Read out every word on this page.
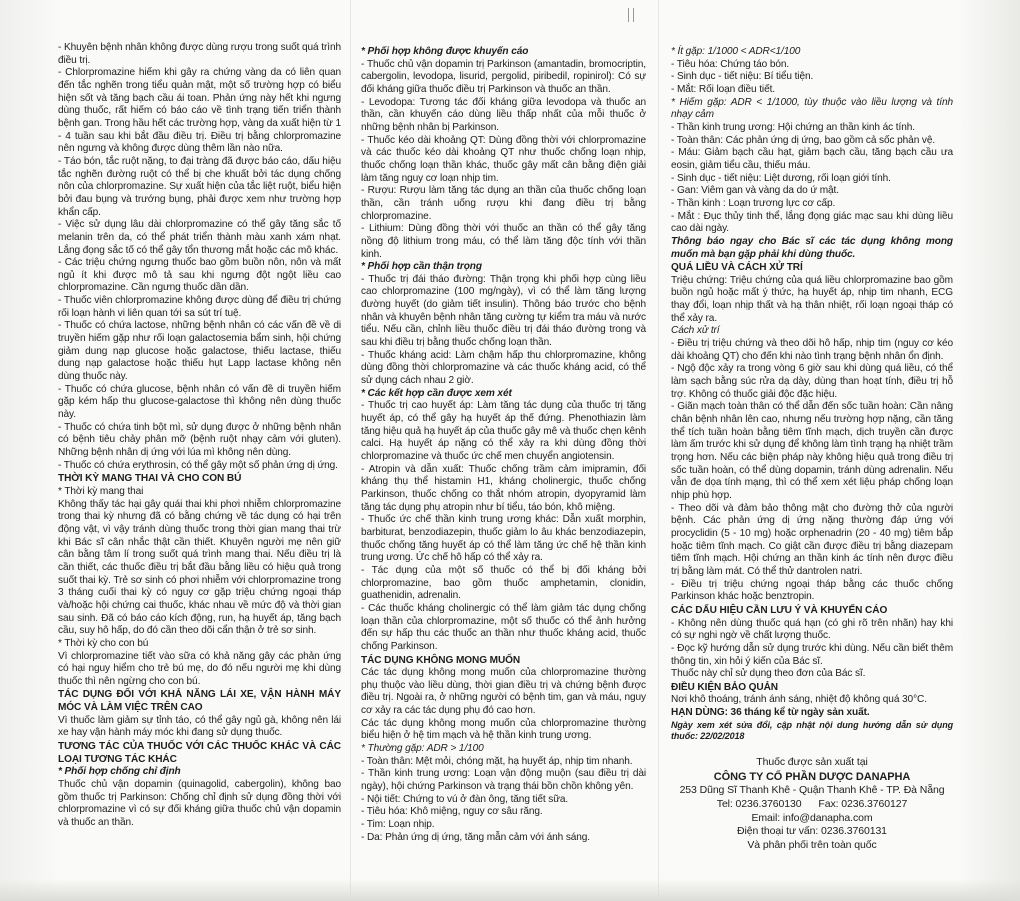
- Khuyên bệnh nhân không được dùng rượu trong suốt quá trình điều trị.

- Chlorpromazine hiếm khi gây ra chứng vàng da có liên quan đến tắc nghẽn trong tiểu quản mật, một số trường hợp có biểu hiện sốt và tăng bạch cầu ái toan. Phản ứng này hết khi ngưng dùng thuốc, rất hiếm có báo cáo về tình trạng tiến triển thành bệnh gan. Trong hầu hết các trường hợp, vàng da xuất hiện từ 1 - 4 tuần sau khi bắt đầu điều trị. Điều trị bằng chlorpromazine nên ngưng và không được dùng thêm lần nào nữa.

- Táo bón, tắc ruột nặng, to đại tràng đã được báo cáo, dấu hiệu tắc nghẽn đường ruột có thể bị che khuất bởi tác dụng chống nôn của chlorpromazine. Sự xuất hiện của tắc liệt ruột, biểu hiện bởi đau bụng và trướng bụng, phải được xem như trường hợp khẩn cấp.

- Việc sử dụng lâu dài chlorpromazine có thể gây tăng sắc tố melanin trên da, có thể phát triển thành màu xanh xám nhạt. Lắng đọng sắc tố có thể gây tổn thương mắt hoặc các mô khác.

- Các triệu chứng ngưng thuốc bao gồm buồn nôn, nôn và mất ngủ ít khi được mô tả sau khi ngưng đột ngột liều cao chlorpromazine. Cần ngưng thuốc dần dần.

- Thuốc viên chlorpromazine không được dùng để điều trị chứng rối loạn hành vi liên quan tới sa sút trí tuệ.

- Thuốc có chứa lactose, những bệnh nhân có các vấn đề về di truyền hiếm gặp như rối loạn galactosemia bẩm sinh, hội chứng giảm dung nạp glucose hoặc galactose, thiếu lactase, thiếu dung nạp galactose hoặc thiếu hụt Lapp lactase không nên dùng thuốc này.

- Thuốc có chứa glucose, bệnh nhân có vấn đề di truyền hiếm gặp kém hấp thu glucose-galactose thì không nên dùng thuốc này.

- Thuốc có chứa tinh bột mì, sử dụng được ở những bệnh nhân có bệnh tiêu chảy phân mỡ (bệnh ruột nhạy cảm với gluten). Những bệnh nhân dị ứng với lúa mì không nên dùng.

- Thuốc có chứa erythrosin, có thể gây một số phản ứng dị ứng.

THỜI KỲ MANG THAI VÀ CHO CON BÚ

* Thời kỳ mang thai

Không thấy tác hại gây quái thai khi phơi nhiễm chlorpromazine trong thai kỳ nhưng đã có bằng chứng về tác dụng có hại trên động vật, vì vậy tránh dùng thuốc trong thời gian mang thai trừ khi Bác sĩ cân nhắc thật cần thiết. Khuyên người mẹ nên giữ cân bằng tâm lí trong suốt quá trình mang thai. Nếu điều trị là cần thiết, các thuốc điều trị bắt đầu bằng liều có hiệu quả trong suốt thai kỳ. Trẻ sơ sinh có phơi nhiễm với chlorpromazine trong 3 tháng cuối thai kỳ có nguy cơ gặp triệu chứng ngoại tháp và/hoặc hội chứng cai thuốc, khác nhau về mức độ và thời gian sau sinh. Đã có báo cáo kích động, run, hạ huyết áp, tăng bạch cầu, suy hô hấp, do đó cần theo dõi cẩn thận ở trẻ sơ sinh.

* Thời kỳ cho con bú

Vì chlorpromazine tiết vào sữa có khả năng gây các phản ứng có hại nguy hiểm cho trẻ bú mẹ, do đó nếu người mẹ khi dùng thuốc thì nên ngừng cho con bú.

TÁC DỤNG ĐỐI VỚI KHẢ NĂNG LÁI XE, VẬN HÀNH MÁY MÓC VÀ LÀM VIỆC TRÊN CAO

Vì thuốc làm giảm sự tỉnh táo, có thể gây ngủ gà, không nên lái xe hay vận hành máy móc khi đang sử dụng thuốc.

TƯƠNG TÁC CỦA THUỐC VỚI CÁC THUỐC KHÁC VÀ CÁC LOẠI TƯƠNG TÁC KHÁC

* Phối hợp chống chỉ định

Thuốc chủ vận dopamin (quinagolid, cabergolin), không bao gồm thuốc trị Parkinson: Chống chỉ định sử dụng đồng thời với chlorpromazine vì có sự đối kháng giữa thuốc chủ vận dopamin và thuốc an thần.

* Phối hợp không được khuyến cáo

- Thuốc chủ vận dopamin trị Parkinson (amantadin, bromocriptin, cabergolin, levodopa, lisurid, pergolid, piribedil, ropinirol): Có sự đối kháng giữa thuốc điều trị Parkinson và thuốc an thần.

- Levodopa: Tương tác đối kháng giữa levodopa và thuốc an thần, cần khuyến cáo dùng liều thấp nhất của mỗi thuốc ở những bệnh nhân bị Parkinson.

- Thuốc kéo dài khoảng QT: Dùng đồng thời với chlorpromazine và các thuốc kéo dài khoảng QT như thuốc chống loạn nhịp, thuốc chống loạn thần khác, thuốc gây mất cân bằng điện giải làm tăng nguy cơ loạn nhịp tim.

- Rượu: Rượu làm tăng tác dụng an thần của thuốc chống loạn thần, cần tránh uống rượu khi đang điều trị bằng chlorpromazine.

- Lithium: Dùng đồng thời với thuốc an thần có thể gây tăng nồng độ lithium trong máu, có thể làm tăng độc tính với thần kinh.

* Phối hợp cần thận trọng

- Thuốc trị đái tháo đường: Thận trọng khi phối hợp cùng liều cao chlorpromazine (100 mg/ngày), vì có thể làm tăng lượng đường huyết (do giảm tiết insulin). Thông báo trước cho bệnh nhân và khuyên bệnh nhân tăng cường tự kiểm tra máu và nước tiểu. Nếu cần, chỉnh liều thuốc điều trị đái tháo đường trong và sau khi điều trị bằng thuốc chống loạn thần.

- Thuốc kháng acid: Làm chậm hấp thu chlorpromazine, không dùng đồng thời chlorpromazine và các thuốc kháng acid, có thể sử dụng cách nhau 2 giờ.

* Các kết hợp cần được xem xét

- Thuốc trị cao huyết áp: Làm tăng tác dụng của thuốc trị tăng huyết áp, có thể gây hạ huyết áp thế đứng. Phenothiazin làm tăng hiệu quả hạ huyết áp của thuốc gây mê và thuốc chẹn kênh calci. Hạ huyết áp nặng có thể xảy ra khi dùng đồng thời chlorpromazine và thuốc ức chế men chuyển angiotensin.

- Atropin và dẫn xuất: Thuốc chống trầm cảm imipramin, đối kháng thụ thể histamin H1, kháng cholinergic, thuốc chống Parkinson, thuốc chống co thắt nhóm atropin, dyopyramid làm tăng tác dụng phụ atropin như bí tiểu, táo bón, khô miệng.

- Thuốc ức chế thần kinh trung ương khác: Dẫn xuất morphin, barbiturat, benzodiazepin, thuốc giảm lo âu khác benzodiazepin, thuốc chống tăng huyết áp có thể làm tăng ức chế hệ thần kinh trung ương. Ức chế hô hấp có thể xảy ra.

- Tác dụng của một số thuốc có thể bị đối kháng bởi chlorpromazine, bao gồm thuốc amphetamin, clonidin, guathenidin, adrenalin.

- Các thuốc kháng cholinergic có thể làm giảm tác dụng chống loạn thần của chlorpromazine, một số thuốc có thể ảnh hưởng đến sự hấp thu các thuốc an thần như thuốc kháng acid, thuốc chống Parkinson.

TÁC DỤNG KHÔNG MONG MUỐN

Các tác dụng không mong muốn của chlorpromazine thường phụ thuộc vào liều dùng, thời gian điều trị và chứng bệnh được điều trị. Ngoài ra, ở những người có bệnh tim, gan và máu, nguy cơ xảy ra các tác dụng phụ đó cao hơn.

Các tác dụng không mong muốn của chlorpromazine thường biểu hiện ở hệ tim mạch và hệ thần kinh trung ương.

* Thường gặp: ADR > 1/100

- Toàn thân: Mệt mỏi, chóng mặt, hạ huyết áp, nhịp tim nhanh.

- Thần kinh trung ương: Loạn vận động muộn (sau điều trị dài ngày), hội chứng Parkinson và trạng thái bồn chồn không yên.

- Nội tiết: Chứng to vú ở đàn ông, tăng tiết sữa.

- Tiêu hóa: Khô miệng, nguy cơ sâu răng.

- Tim: Loạn nhịp.

- Da: Phản ứng dị ứng, tăng mẫn cảm với ánh sáng.

* Ít gặp: 1/1000 < ADR<1/100

- Tiêu hóa: Chứng táo bón.

- Sinh dục - tiết niệu: Bí tiểu tiện.

- Mắt: Rối loạn điều tiết.

* Hiếm gặp: ADR < 1/1000, tùy thuộc vào liều lượng và tính nhạy cảm

- Thần kinh trung ương: Hội chứng an thần kinh ác tính.

- Toàn thân: Các phản ứng dị ứng, bao gồm cả sốc phản vệ.

- Máu: Giảm bạch cầu hạt, giảm bạch cầu, tăng bạch cầu ưa eosin, giảm tiểu cầu, thiếu máu.

- Sinh dục - tiết niệu: Liệt dương, rối loạn giới tính.

- Gan: Viêm gan và vàng da do ứ mật.

- Thần kinh : Loạn trương lực cơ cấp.

- Mắt : Đục thủy tinh thể, lắng đọng giác mạc sau khi dùng liều cao dài ngày.

Thông báo ngay cho Bác sĩ các tác dụng không mong muốn mà bạn gặp phải khi dùng thuốc.

QUÁ LIỀU VÀ CÁCH XỬ TRÍ

Triệu chứng: Triệu chứng của quá liều chlorpromazine bao gồm buồn ngủ hoặc mất ý thức, hạ huyết áp, nhịp tim nhanh, ECG thay đổi, loạn nhịp thất và hạ thân nhiệt, rối loạn ngoại tháp có thể xảy ra.

Cách xử trí

- Điều trị triệu chứng và theo dõi hô hấp, nhịp tim (nguy cơ kéo dài khoảng QT) cho đến khi nào tình trạng bệnh nhân ổn định.

- Ngộ độc xảy ra trong vòng 6 giờ sau khi dùng quá liều, có thể làm sạch bằng súc rửa dạ dày, dùng than hoạt tính, điều trị hỗ trợ. Không có thuốc giải độc đặc hiệu.

- Giãn mạch toàn thân có thể dẫn đến sốc tuần hoàn: Cần nâng chân bệnh nhân lên cao, nhưng nếu trường hợp nặng, cần tăng thể tích tuần hoàn bằng tiêm tĩnh mạch, dịch truyền cần được làm ấm trước khi sử dụng để không làm tình trạng hạ nhiệt trầm trọng hơn. Nếu các biện pháp này không hiệu quả trong điều trị sốc tuần hoàn, có thể dùng dopamin, tránh dùng adrenalin. Nếu vẫn đe dọa tính mạng, thì có thể xem xét liệu pháp chống loạn nhịp phù hợp.

- Theo dõi và đảm bảo thông mật cho đường thở của người bệnh. Các phản ứng dị ứng nặng thường đáp ứng với procyclidin (5 - 10 mg) hoặc orphenadrin (20 - 40 mg) tiêm bắp hoặc tiêm tĩnh mạch. Co giật cần được điều trị bằng diazepam tiêm tĩnh mạch. Hội chứng an thần kinh ác tính nên được điều trị bằng làm mát. Có thể thử dantrolen natri.

- Điều trị triệu chứng ngoại tháp bằng các thuốc chống Parkinson khác hoặc benztropin.

CÁC DẤU HIỆU CẦN LƯU Ý VÀ KHUYẾN CÁO

- Không nên dùng thuốc quá hạn (có ghi rõ trên nhãn) hay khi có sự nghi ngờ về chất lượng thuốc.

- Đọc kỹ hướng dẫn sử dụng trước khi dùng. Nếu cần biết thêm thông tin, xin hỏi ý kiến của Bác sĩ.

Thuốc này chỉ sử dụng theo đơn của Bác sĩ.

ĐIỀU KIỆN BẢO QUẢN

Nơi khô thoáng, tránh ánh sáng, nhiệt độ không quá 30°C.

HẠN DÙNG: 36 tháng kể từ ngày sản xuất.

Ngày xem xét sửa đổi, cập nhật nội dung hướng dẫn sử dụng thuốc: 22/02/2018

Thuốc được sản xuất tại
CÔNG TY CỔ PHẦN DƯỢC DANAPHA
253 Dũng Sĩ Thanh Khê - Quận Thanh Khê - TP. Đà Nẵng
Tel: 0236.3760130      Fax: 0236.3760127
Email: info@danapha.com
Điện thoại tư vấn: 0236.3760131
Và phân phối trên toàn quốc
